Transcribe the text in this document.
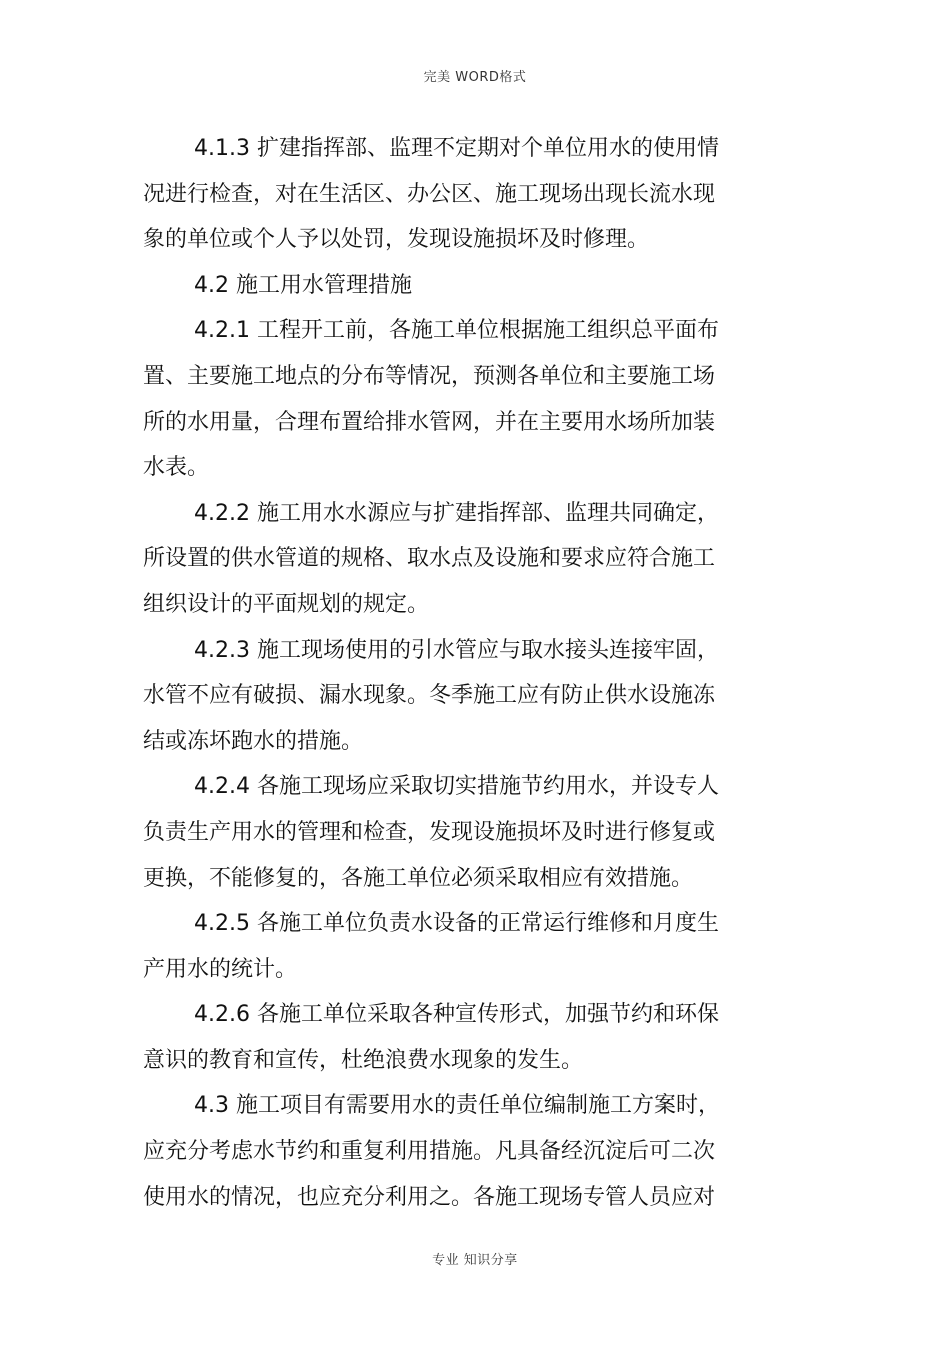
完美 WORD格式
4.1.3 扩建指挥部、监理不定期对个单位用水的使用情
况进行检查，对在生活区、办公区、施工现场出现长流水现
象的单位或个人予以处罚，发现设施损坏及时修理。
4.2 施工用水管理措施
4.2.1 工程开工前，各施工单位根据施工组织总平面布
置、主要施工地点的分布等情况，预测各单位和主要施工场
所的水用量，合理布置给排水管网，并在主要用水场所加装
水表。
4.2.2 施工用水水源应与扩建指挥部、监理共同确定，
所设置的供水管道的规格、取水点及设施和要求应符合施工
组织设计的平面规划的规定。
4.2.3 施工现场使用的引水管应与取水接头连接牢固，
水管不应有破损、漏水现象。冬季施工应有防止供水设施冻
结或冻坏跑水的措施。
4.2.4 各施工现场应采取切实措施节约用水，并设专人
负责生产用水的管理和检查，发现设施损坏及时进行修复或
更换，不能修复的，各施工单位必须采取相应有效措施。
4.2.5 各施工单位负责水设备的正常运行维修和月度生
产用水的统计。
4.2.6 各施工单位采取各种宣传形式，加强节约和环保
意识的教育和宣传，杜绝浪费水现象的发生。
4.3 施工项目有需要用水的责任单位编制施工方案时，
应充分考虑水节约和重复利用措施。凡具备经沉淀后可二次
使用水的情况，也应充分利用之。各施工现场专管人员应对
专业 知识分享
